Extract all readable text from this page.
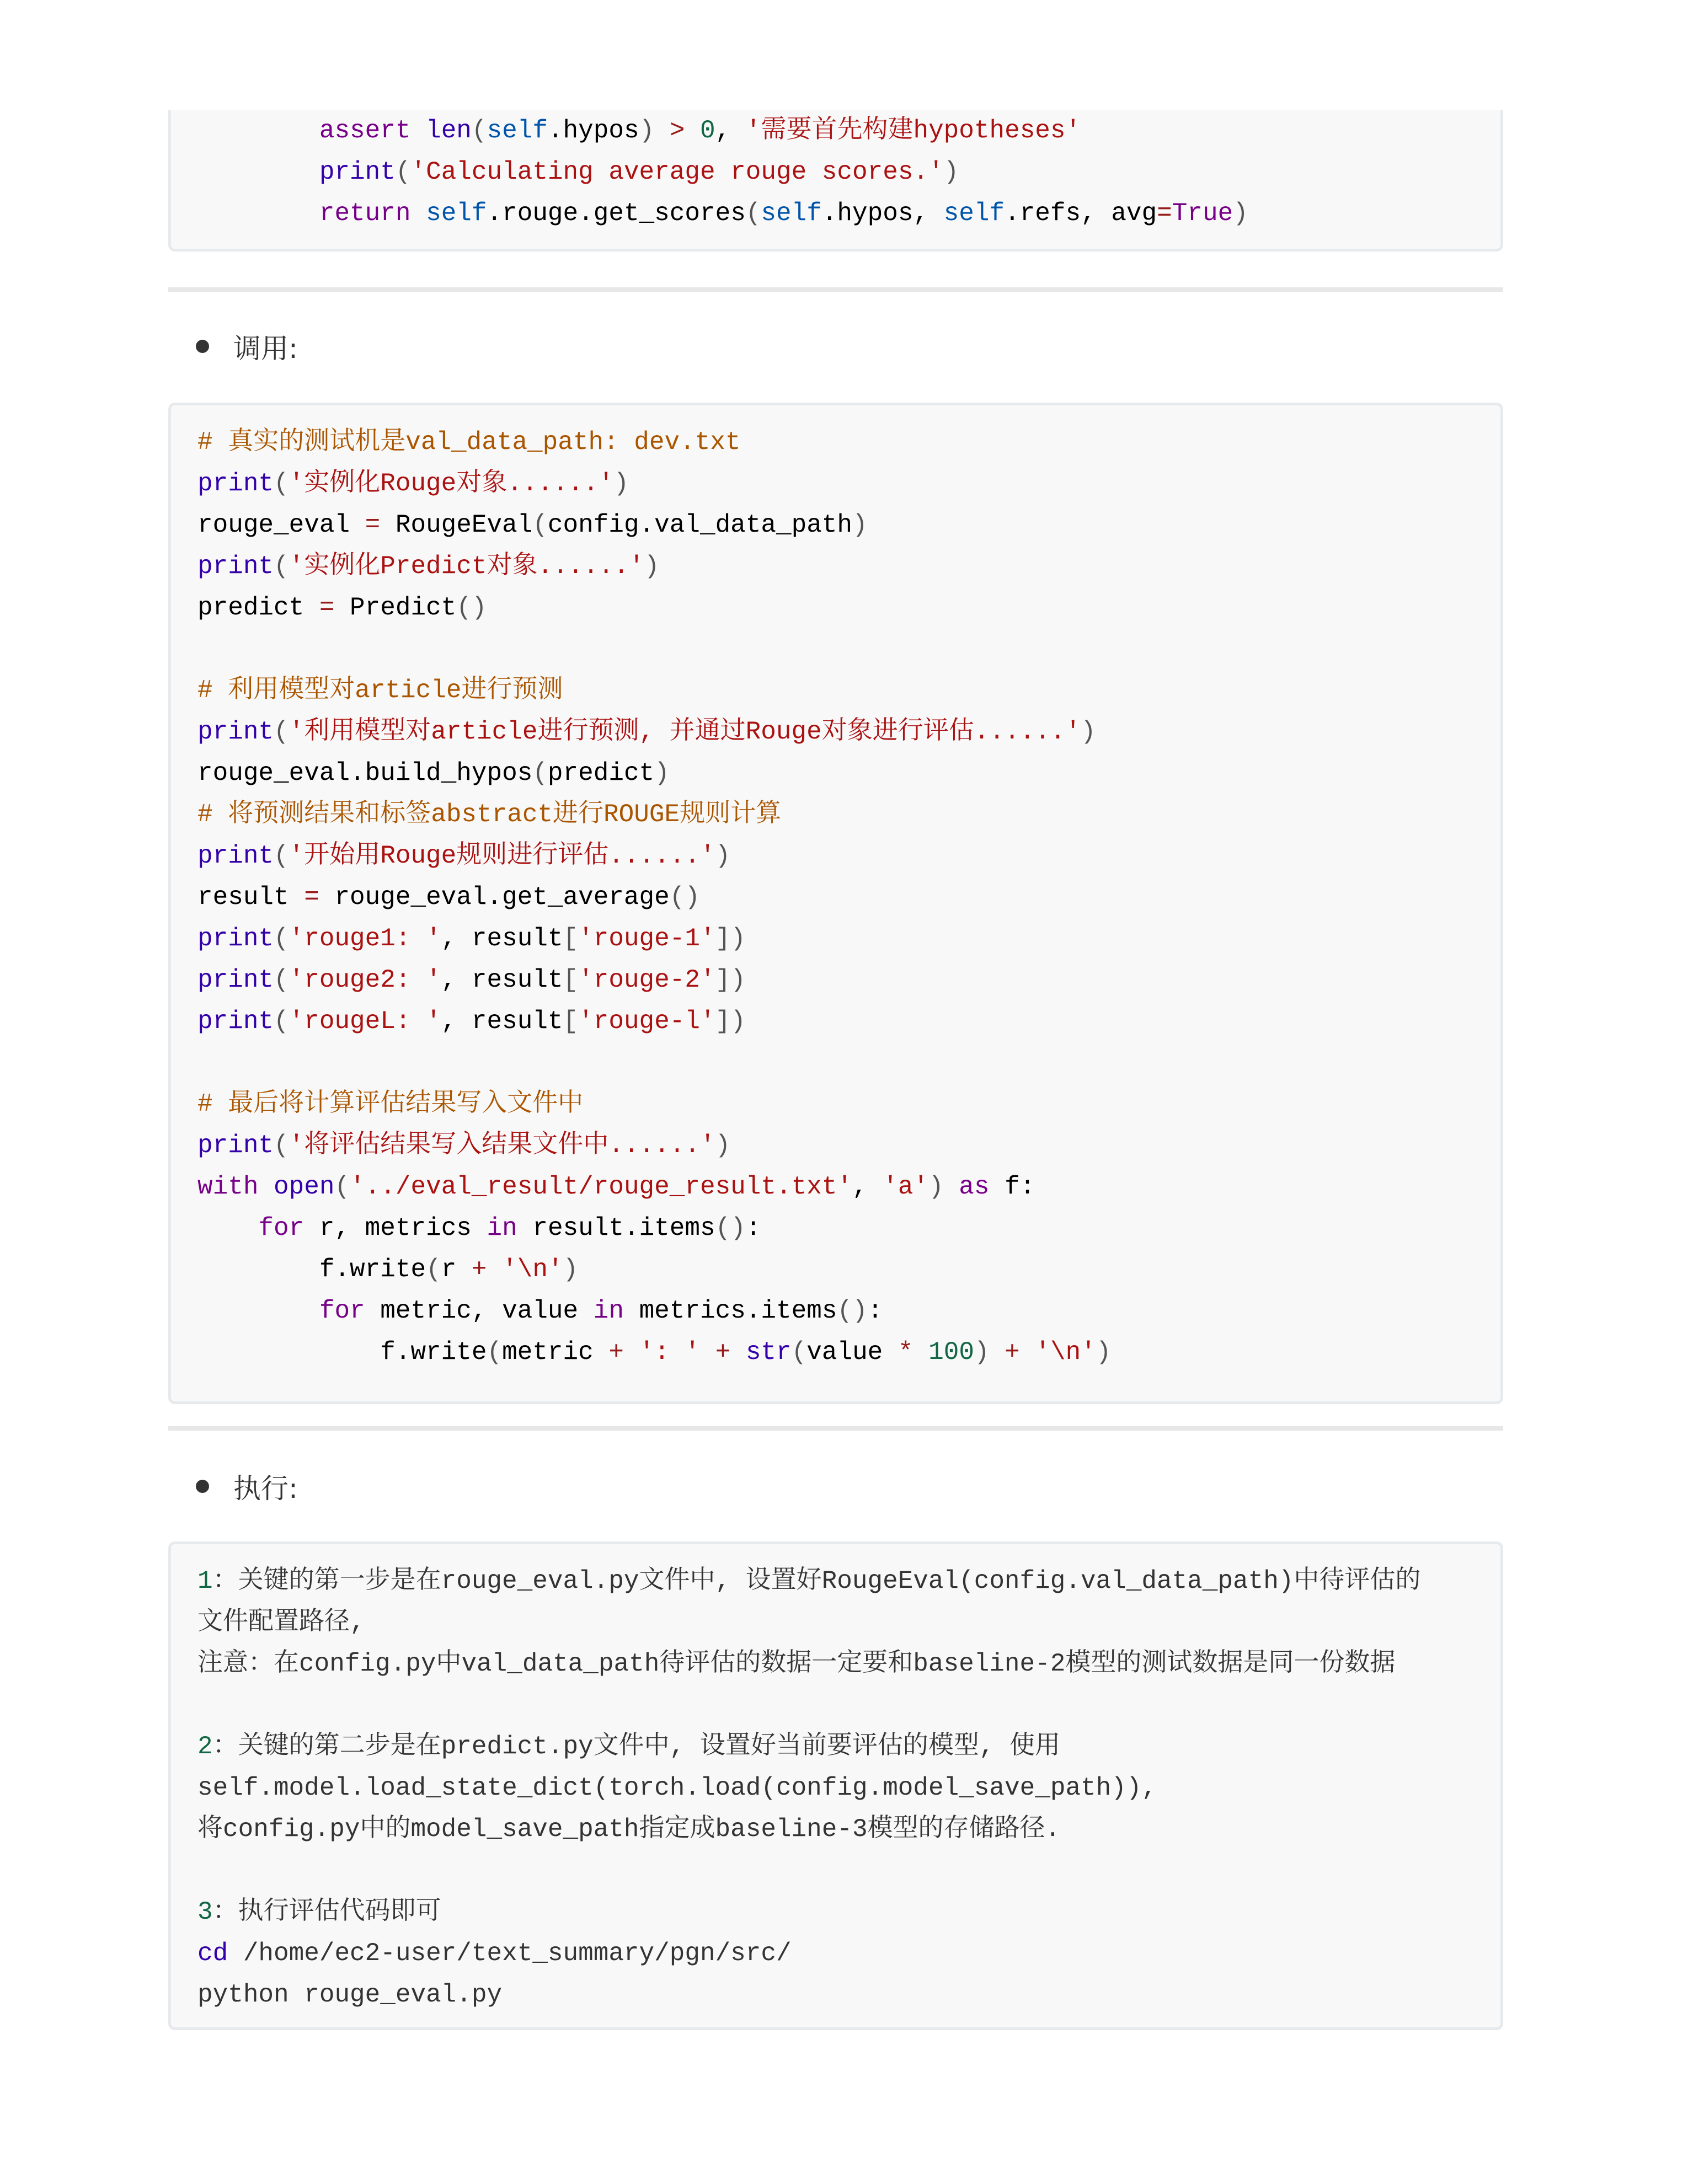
assert len(self.hypos) > 0, '需要首先构建hypotheses'
print('Calculating average rouge scores.')
return self.rouge.get_scores(self.hypos, self.refs, avg=True)
调用:
# 真实的测试机是val_data_path: dev.txt
print('实例化Rouge对象......')
rouge_eval = RougeEval(config.val_data_path)
print('实例化Predict对象......')
predict = Predict()
# 利用模型对article进行预测
print('利用模型对article进行预测, 并通过Rouge对象进行评估......')
rouge_eval.build_hypos(predict)
# 将预测结果和标签abstract进行ROUGE规则计算
print('开始用Rouge规则进行评估......')
result = rouge_eval.get_average()
print('rouge1: ', result['rouge-1'])
print('rouge2: ', result['rouge-2'])
print('rougeL: ', result['rouge-l'])
# 最后将计算评估结果写入文件中
print('将评估结果写入结果文件中......')
with open('../eval_result/rouge_result.txt', 'a') as f:
for r, metrics in result.items():
f.write(r + '\n')
for metric, value in metrics.items():
f.write(metric + ': ' + str(value * 100) + '\n')
执行:
1：关键的第一步是在rouge_eval.py文件中, 设置好RougeEval(config.val_data_path)中待评估的
文件配置路径,
注意：在config.py中val_data_path待评估的数据一定要和baseline-2模型的测试数据是同一份数据
2：关键的第二步是在predict.py文件中, 设置好当前要评估的模型, 使用
self.model.load_state_dict(torch.load(config.model_save_path)),
将config.py中的model_save_path指定成baseline-3模型的存储路径.
3：执行评估代码即可
cd /home/ec2-user/text_summary/pgn/src/
python rouge_eval.py
